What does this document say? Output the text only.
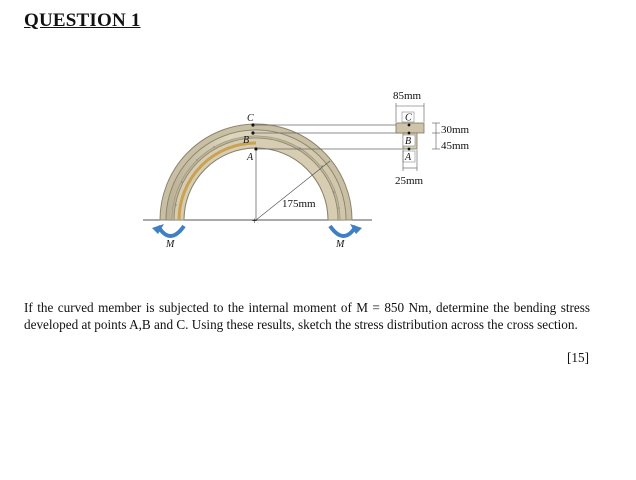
QUESTION 1
C
B
A
+
175mm
C
B
A
85mm
25mm
30mm
45mm
M	M
If the curved member is subjected to the internal moment of M = 850 Nm, determine the bending stress developed at points A,B and C. Using these results, sketch the stress distribution across the cross section.
[15]
